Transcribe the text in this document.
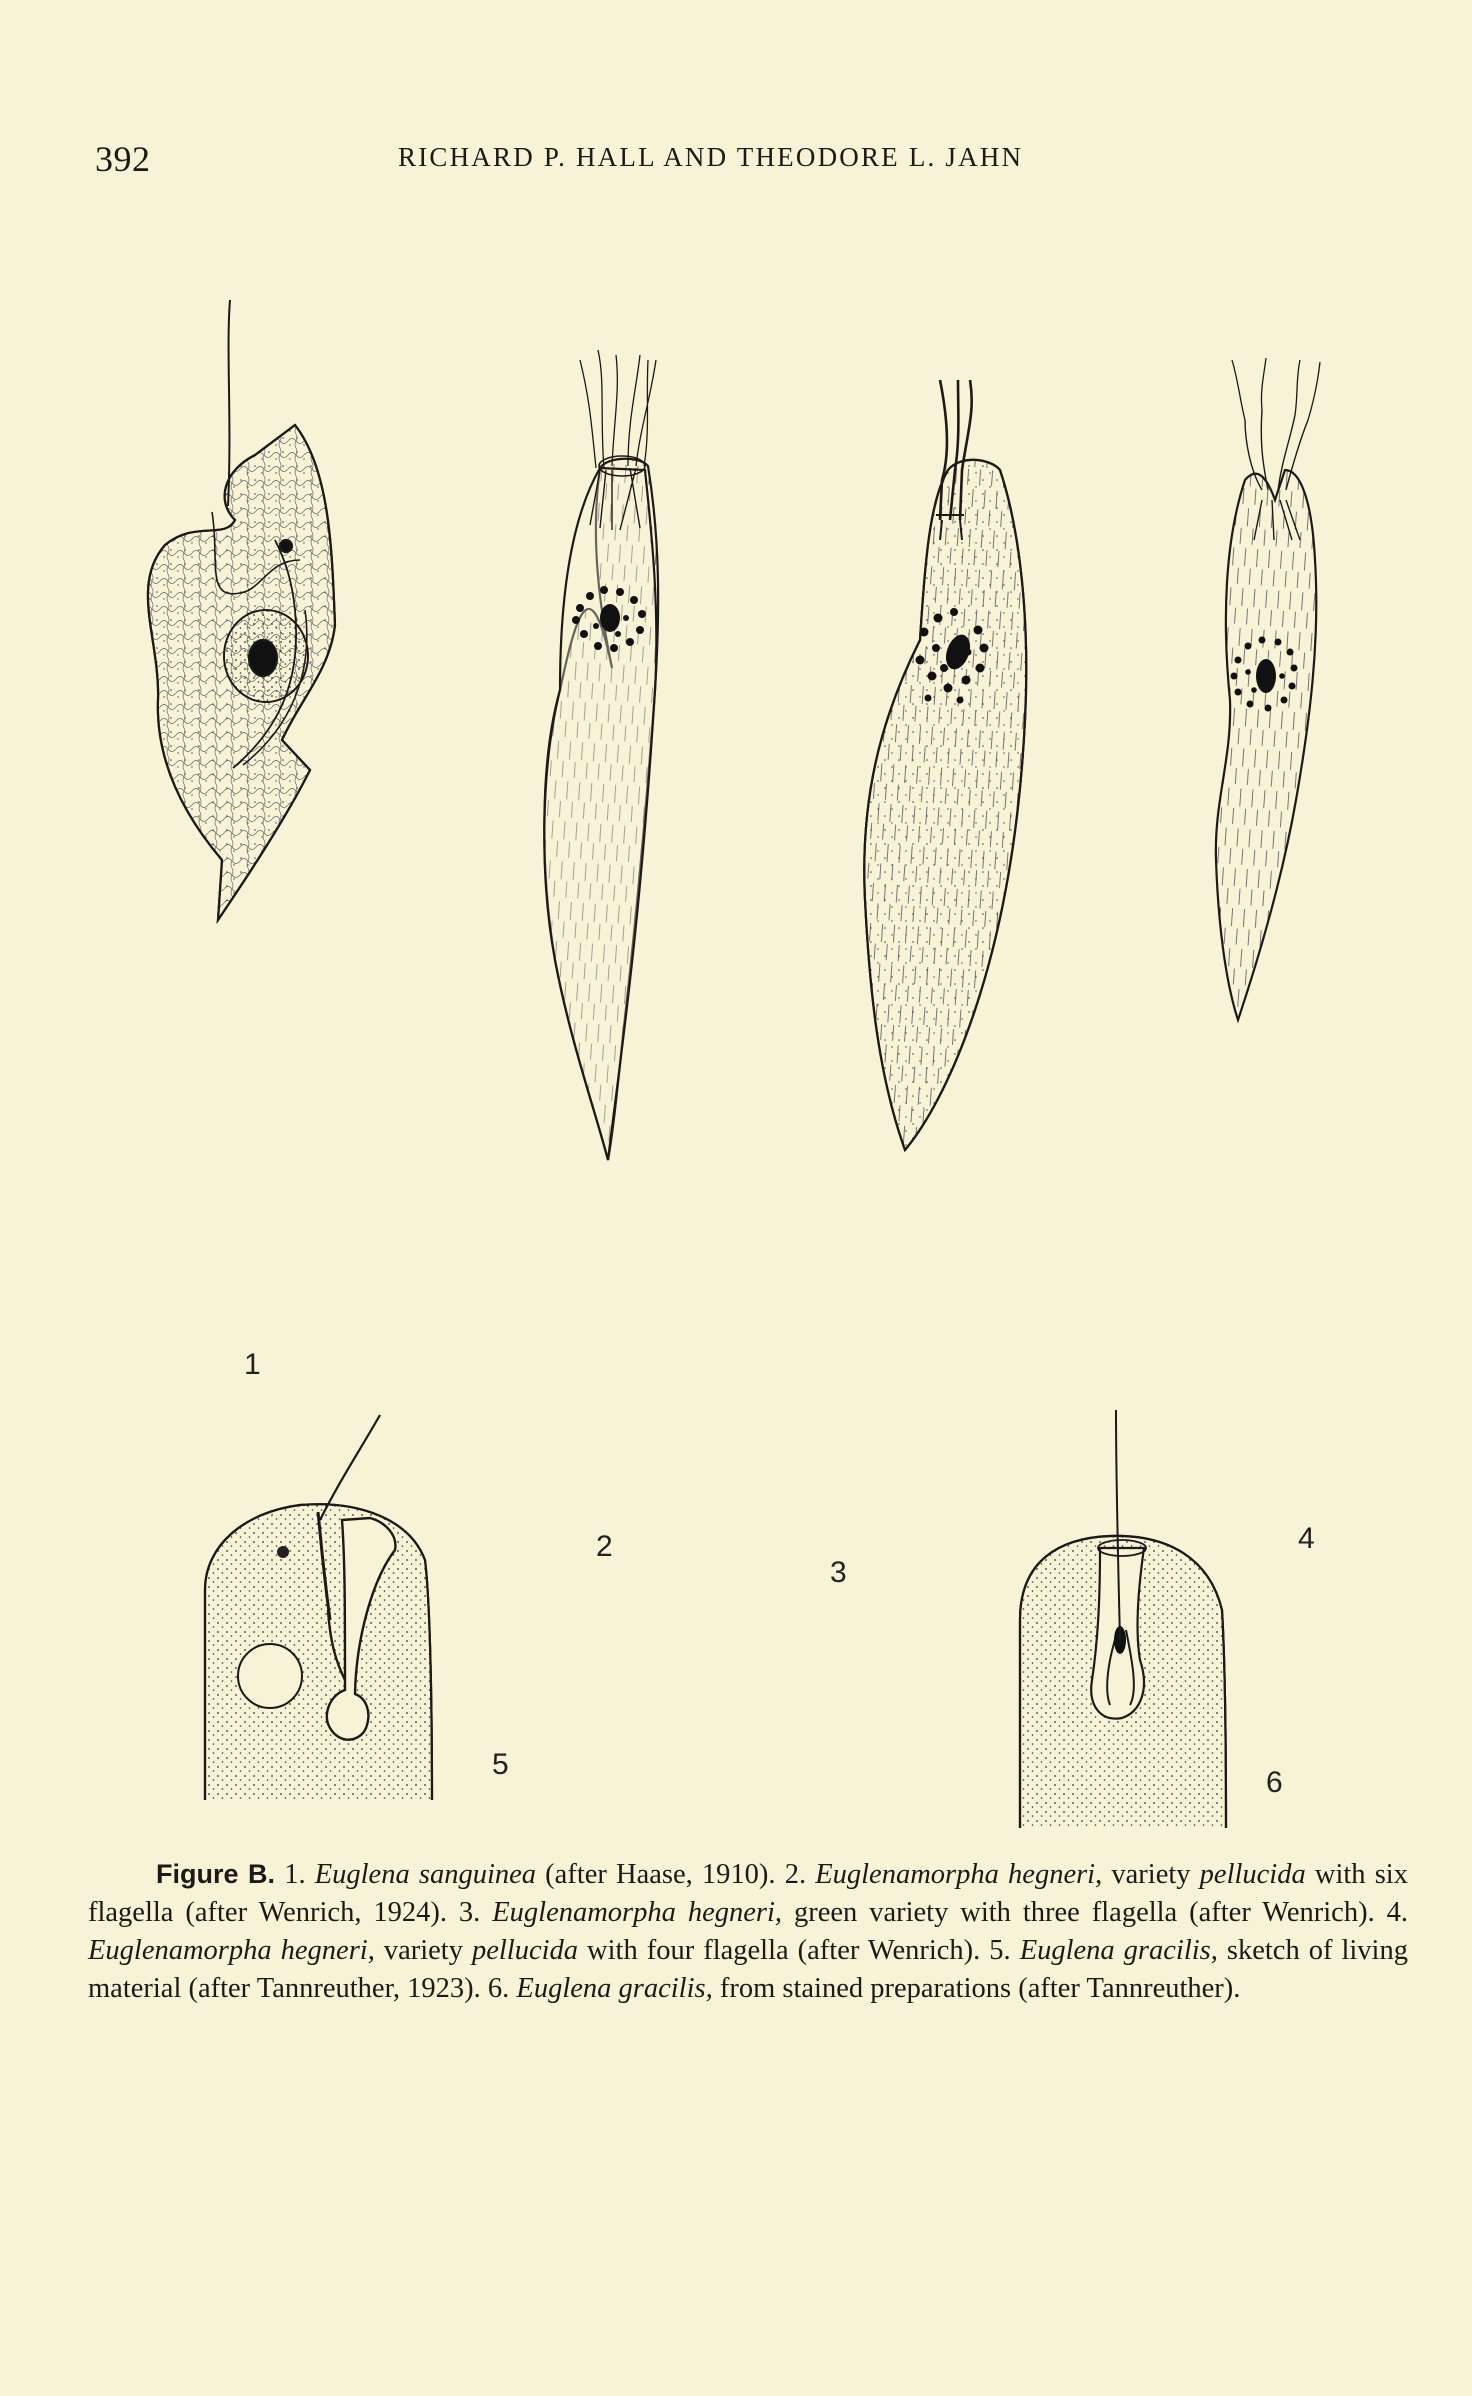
392	RICHARD P. HALL AND THEODORE L. JAHN
1
2
3
4
5
6
Figure B. 1. Euglena sanguinea (after Haase, 1910). 2. Euglenamorpha hegneri, variety pellucida with six flagella (after Wenrich, 1924). 3. Euglenamorpha hegneri, green variety with three flagella (after Wenrich). 4. Euglenamorpha hegneri, variety pellucida with four flagella (after Wenrich). 5. Euglena gracilis, sketch of living material (after Tannreuther, 1923). 6. Euglena gracilis, from stained preparations (after Tannreuther).
